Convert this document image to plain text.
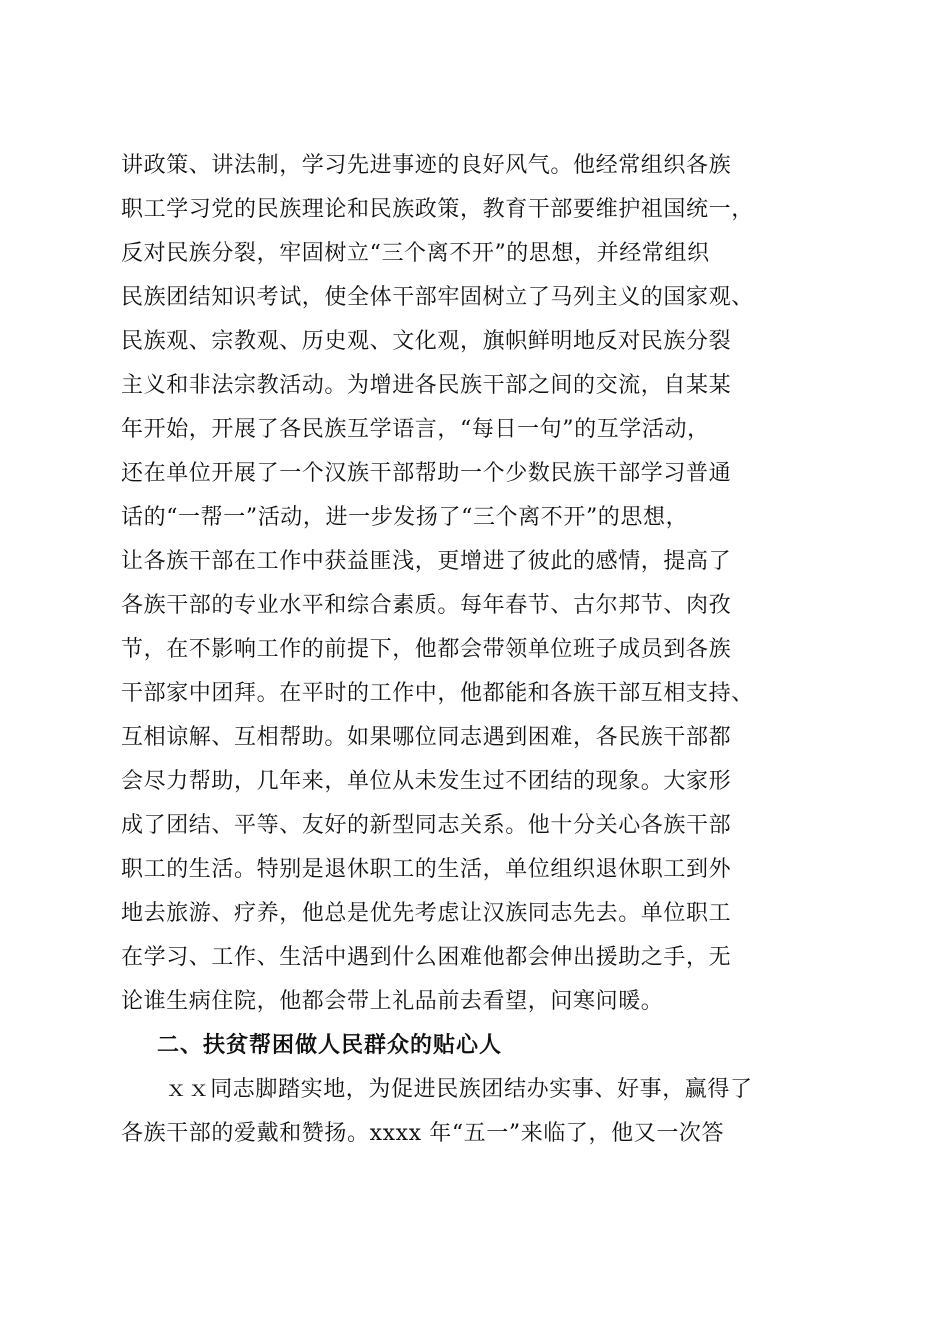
讲政策、讲法制，学习先进事迹的良好风气。他经常组织各族
职工学习党的民族理论和民族政策，教育干部要维护祖国统一，
反对民族分裂，牢固树立“三个离不开”的思想，并经常组织
民族团结知识考试，使全体干部牢固树立了马列主义的国家观、
民族观、宗教观、历史观、文化观，旗帜鲜明地反对民族分裂
主义和非法宗教活动。为增进各民族干部之间的交流，自某某
年开始，开展了各民族互学语言，“每日一句”的互学活动，
还在单位开展了一个汉族干部帮助一个少数民族干部学习普通
话的“一帮一”活动，进一步发扬了“三个离不开”的思想，
让各族干部在工作中获益匪浅，更增进了彼此的感情，提高了
各族干部的专业水平和综合素质。每年春节、古尔邦节、肉孜
节，在不影响工作的前提下，他都会带领单位班子成员到各族
干部家中团拜。在平时的工作中，他都能和各族干部互相支持、
互相谅解、互相帮助。如果哪位同志遇到困难，各民族干部都
会尽力帮助，几年来，单位从未发生过不团结的现象。大家形
成了团结、平等、友好的新型同志关系。他十分关心各族干部
职工的生活。特别是退休职工的生活，单位组织退休职工到外
地去旅游、疗养，他总是优先考虑让汉族同志先去。单位职工
在学习、工作、生活中遇到什么困难他都会伸出援助之手，无
论谁生病住院，他都会带上礼品前去看望，问寒问暖。
二、扶贫帮困做人民群众的贴心人
ｘｘ同志脚踏实地，为促进民族团结办实事、好事，赢得了
各族干部的爱戴和赞扬。xxxx 年“五一”来临了，他又一次答
